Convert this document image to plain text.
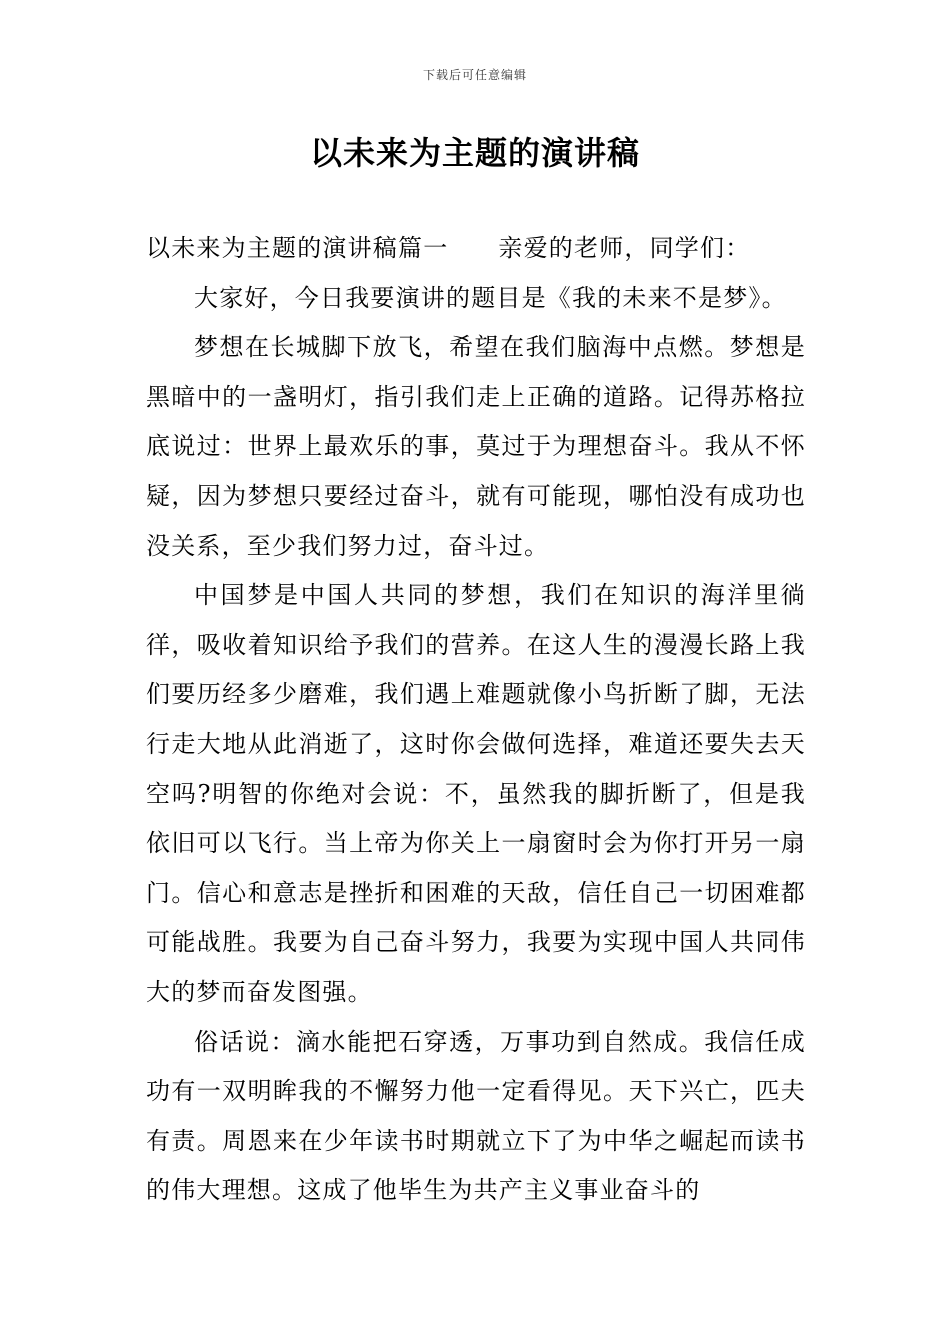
下载后可任意编辑
以未来为主题的演讲稿

以未来为主题的演讲稿篇一 亲爱的老师，同学们：

大家好，今日我要演讲的题目是《我的未来不是梦》。

梦想在长城脚下放飞，希望在我们脑海中点燃。梦想是黑暗中的一盏明灯，指引我们走上正确的道路。记得苏格拉底说过：世界上最欢乐的事，莫过于为理想奋斗。我从不怀疑，因为梦想只要经过奋斗，就有可能现，哪怕没有成功也没关系，至少我们努力过，奋斗过。

中国梦是中国人共同的梦想，我们在知识的海洋里徜徉，吸收着知识给予我们的营养。在这人生的漫漫长路上我们要历经多少磨难，我们遇上难题就像小鸟折断了脚，无法行走大地从此消逝了，这时你会做何选择，难道还要失去天空吗?明智的你绝对会说：不，虽然我的脚折断了，但是我依旧可以飞行。当上帝为你关上一扇窗时会为你打开另一扇门。信心和意志是挫折和困难的天敌，信任自己一切困难都可能战胜。我要为自己奋斗努力，我要为实现中国人共同伟大的梦而奋发图强。

俗话说：滴水能把石穿透，万事功到自然成。我信任成功有一双明眸我的不懈努力他一定看得见。天下兴亡，匹夫有责。周恩来在少年读书时期就立下了为中华之崛起而读书的伟大理想。这成了他毕生为共产主义事业奋斗的
